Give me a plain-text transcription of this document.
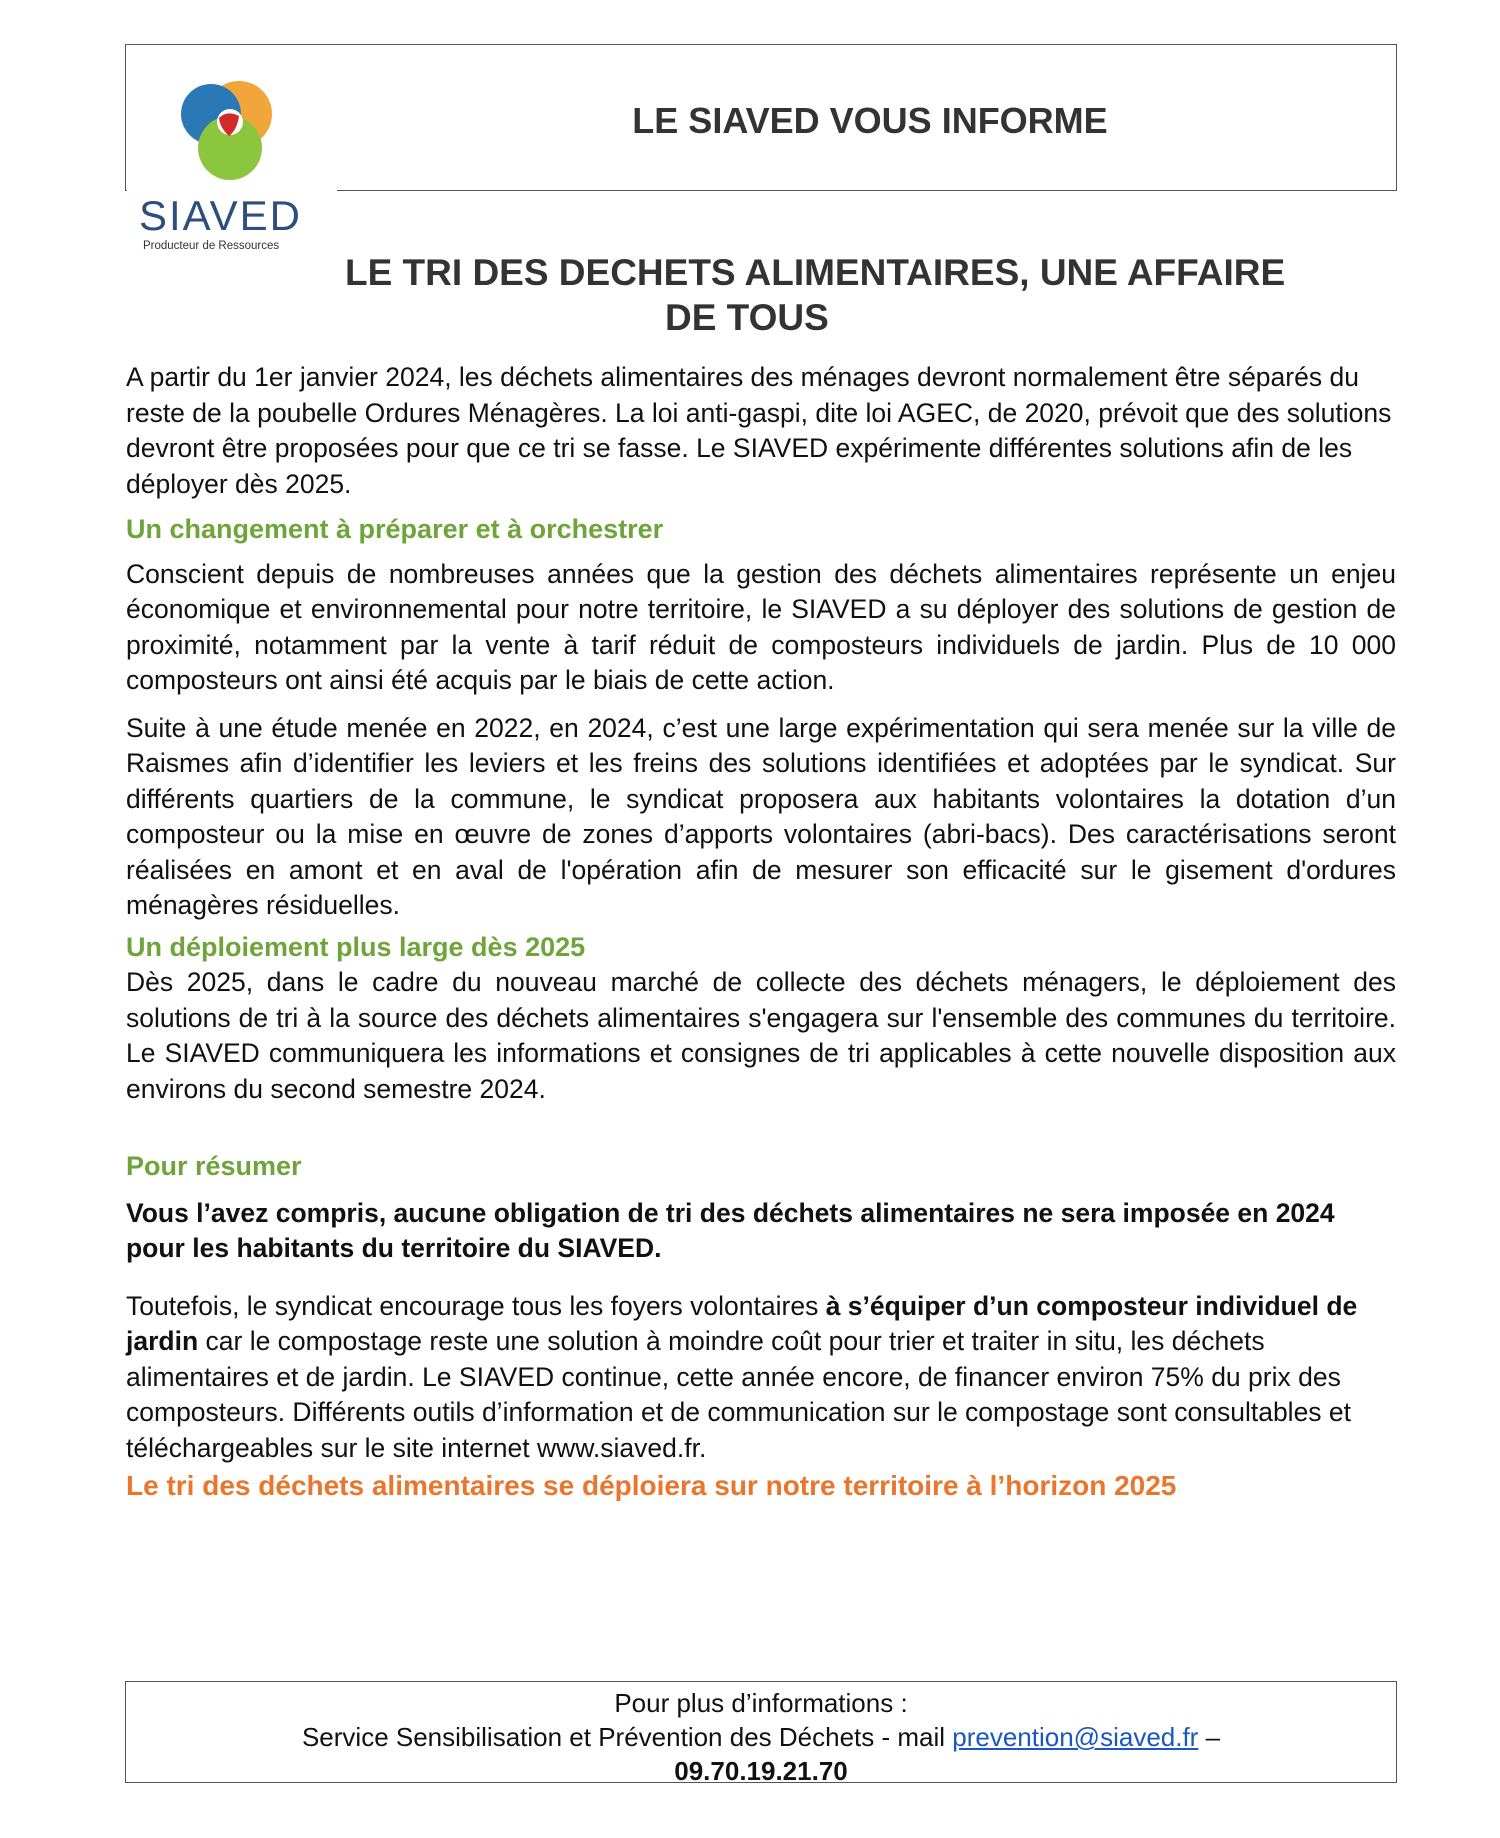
LE SIAVED VOUS INFORME
SIAVED
Producteur de Ressources
LE TRI DES DECHETS ALIMENTAIRES, UNE AFFAIRE
DE TOUS

A partir du 1er janvier 2024, les déchets alimentaires des ménages devront normalement être séparés du reste de la poubelle Ordures Ménagères. La loi anti-gaspi, dite loi AGEC, de 2020, prévoit que des solutions devront être proposées pour que ce tri se fasse. Le SIAVED expérimente différentes solutions afin de les déployer dès 2025.

Un changement à préparer et à orchestrer

Conscient depuis de nombreuses années que la gestion des déchets alimentaires représente un enjeu économique et environnemental pour notre territoire, le SIAVED a su déployer des solutions de gestion de proximité, notamment par la vente à tarif réduit de composteurs individuels de jardin. Plus de 10 000 composteurs ont ainsi été acquis par le biais de cette action.

Suite à une étude menée en 2022, en 2024, c’est une large expérimentation qui sera menée sur la ville de Raismes afin d’identifier les leviers et les freins des solutions identifiées et adoptées par le syndicat. Sur différents quartiers de la commune, le syndicat proposera aux habitants volontaires la dotation d’un composteur ou la mise en œuvre de zones d’apports volontaires (abri-bacs). Des caractérisations seront réalisées en amont et en aval de l'opération afin de mesurer son efficacité sur le gisement d'ordures ménagères résiduelles.

Un déploiement plus large dès 2025

Dès 2025, dans le cadre du nouveau marché de collecte des déchets ménagers, le déploiement des solutions de tri à la source des déchets alimentaires s'engagera sur l'ensemble des communes du territoire. Le SIAVED communiquera les informations et consignes de tri applicables à cette nouvelle disposition aux environs du second semestre 2024.

Pour résumer

Vous l’avez compris, aucune obligation de tri des déchets alimentaires ne sera imposée en 2024 pour les habitants du territoire du SIAVED.

Toutefois, le syndicat encourage tous les foyers volontaires à s’équiper d’un composteur individuel de jardin car le compostage reste une solution à moindre coût pour trier et traiter in situ, les déchets alimentaires et de jardin. Le SIAVED continue, cette année encore, de financer environ 75% du prix des composteurs. Différents outils d’information et de communication sur le compostage sont consultables et téléchargeables sur le site internet www.siaved.fr.

Le tri des déchets alimentaires se déploiera sur notre territoire à l’horizon 2025

Pour plus d’informations :
Service Sensibilisation et Prévention des Déchets - mail prevention@siaved.fr –
09.70.19.21.70
